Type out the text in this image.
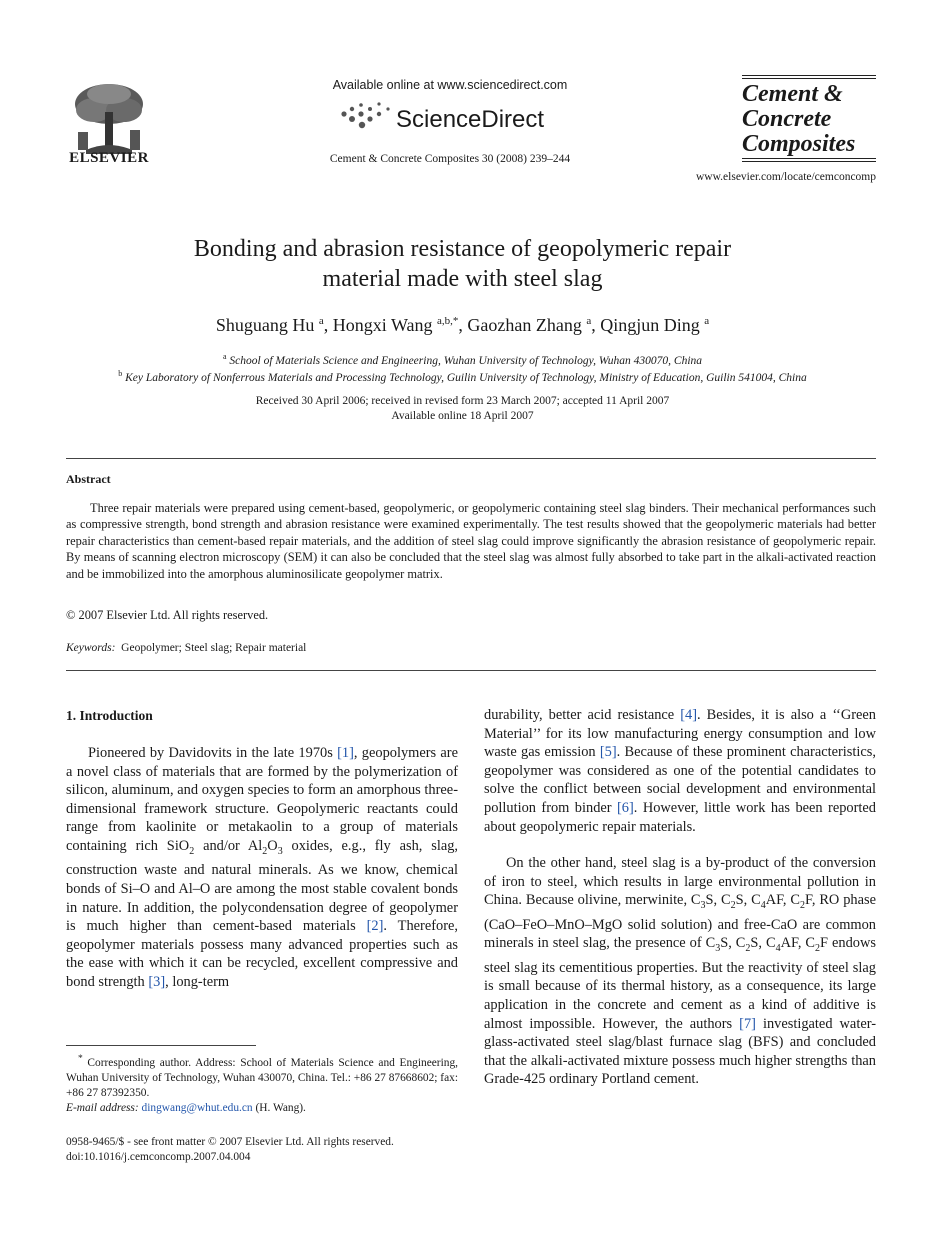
ELSEVIER
Available online at www.sciencedirect.com
ScienceDirect
Cement & Concrete Composites 30 (2008) 239–244
Cement &
Concrete
Composites
www.elsevier.com/locate/cemconcomp
Bonding and abrasion resistance of geopolymeric repair
material made with steel slag
Shuguang Hu $^a$, Hongxi Wang $^{a,b,*}$, Gaozhan Zhang $^a$, Qingjun Ding $^a$
$^a$ School of Materials Science and Engineering, Wuhan University of Technology, Wuhan 430070, China
$^b$ Key Laboratory of Nonferrous Materials and Processing Technology, Guilin University of Technology, Ministry of Education, Guilin 541004, China
Received 30 April 2006; received in revised form 23 March 2007; accepted 11 April 2007
Available online 18 April 2007
Abstract
Three repair materials were prepared using cement-based, geopolymeric, or geopolymeric containing steel slag binders. Their mechanical performances such as compressive strength, bond strength and abrasion resistance were examined experimentally. The test results showed that the geopolymeric materials had better repair characteristics than cement-based repair materials, and the addition of steel slag could improve significantly the abrasion resistance of geopolymeric repair. By means of scanning electron microscopy (SEM) it can also be concluded that the steel slag was almost fully absorbed to take part in the alkali-activated reaction and be immobilized into the amorphous aluminosilicate geopolymer matrix.
© 2007 Elsevier Ltd. All rights reserved.
Keywords: Geopolymer; Steel slag; Repair material
1. Introduction
Pioneered by Davidovits in the late 1970s [1], geopolymers are a novel class of materials that are formed by the polymerization of silicon, aluminum, and oxygen species to form an amorphous three-dimensional framework structure. Geopolymeric reactants could range from kaolinite or metakaolin to a group of materials containing rich SiO$_2$ and/or $Al_2O_3$ oxides, e.g., fly ash, slag, construction waste and natural minerals. As we know, chemical bonds of Si–O and Al–O are among the most stable covalent bonds in nature. In addition, the polycondensation degree of geopolymer is much higher than cement-based materials [2]. Therefore, geopolymer materials possess many advanced properties such as the ease with which it can be recycled, excellent compressive and bond strength [3], long-term
durability, better acid resistance [4]. Besides, it is also a ‘‘Green Material’’ for its low manufacturing energy consumption and low waste gas emission [5]. Because of these prominent characteristics, geopolymer was considered as one of the potential candidates to solve the conflict between social development and environmental pollution from binder [6]. However, little work has been reported about geopolymeric repair materials.
On the other hand, steel slag is a by-product of the conversion of iron to steel, which results in large environmental pollution in China. Because olivine, merwinite, $C_3S$, $C_2S$, $C_4AF$, $C_2F$, RO phase (CaO–FeO–MnO–MgO solid solution) and free-CaO are common minerals in steel slag, the presence of $C_3S$, $C_2S$, $C_4AF$, $C_2F$ endows steel slag its cementitious properties. But the reactivity of steel slag is small because of its thermal history, as a consequence, its large application in the concrete and cement as a kind of additive is almost impossible. However, the authors [7] investigated water-glass-activated steel slag/blast furnace slag (BFS) and concluded that the alkali-activated mixture possess much higher strengths than Grade-425 ordinary Portland cement.
* Corresponding author. Address: School of Materials Science and Engineering, Wuhan University of Technology, Wuhan 430070, China. Tel.: +86 27 87668602; fax: +86 27 87392350.
E-mail address: dingwang@whut.edu.cn (H. Wang).
0958-9465/$ - see front matter © 2007 Elsevier Ltd. All rights reserved.
doi:10.1016/j.cemconcomp.2007.04.004
